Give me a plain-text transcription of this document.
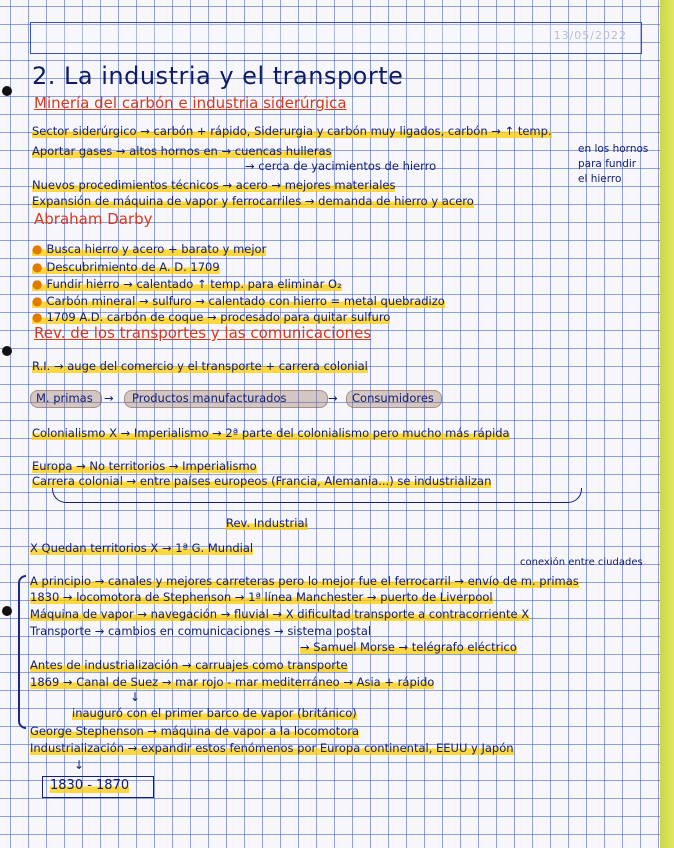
13/05/2022
2. La industria y el transporte
Minería del carbón e industria siderúrgica
Sector siderúrgico → carbón + rápido, Siderurgia y carbón muy ligados, carbón → ↑ temp.
en los hornos
Aportar gases → altos hornos en → cuencas hulleras
para fundir
→ cerca de yacimientos de hierro
el hierro
Nuevos procedimientos técnicos → acero → mejores materiales
Expansión de máquina de vapor y ferrocarriles → demanda de hierro y acero
Abraham Darby
● Busca hierro y acero + barato y mejor
● Descubrimiento de A. D. 1709
● Fundir hierro → calentado ↑ temp. para eliminar O₂
● Carbón mineral → sulfuro → calentado con hierro = metal quebradizo
● 1709 A.D. carbón de coque → procesado para quitar sulfuro
Rev. de los transportes y las comunicaciones
R.I. → auge del comercio y el transporte + carrera colonial
M. primas → Productos manufacturados	→ Consumidores
Colonialismo X → Imperialismo → 2ª parte del colonialismo pero mucho más rápida
Europa → No territorios → Imperialismo
Carrera colonial → entre países europeos (Francia, Alemania...) se industrializan
Rev. Industrial
X Quedan territorios X → 1ª G. Mundial
conexión entre ciudades
A principio → canales y mejores carreteras pero lo mejor fue el ferrocarril → envío de m. primas
1830 → locomotora de Stephenson → 1ª línea Manchester → puerto de Liverpool
Máquina de vapor → navegación → fluvial → X dificultad transporte a contracorriente X
Transporte → cambios en comunicaciones → sistema postal
→ Samuel Morse → telégrafo eléctrico
Antes de industrialización → carruajes como transporte
1869 → Canal de Suez → mar rojo - mar mediterráneo → Asia + rápido
↓
inauguró con el primer barco de vapor (británico)
George Stephenson → máquina de vapor a la locomotora
Industrialización → expandir estos fenómenos por Europa continental, EEUU y Japón
↓
1830 - 1870
